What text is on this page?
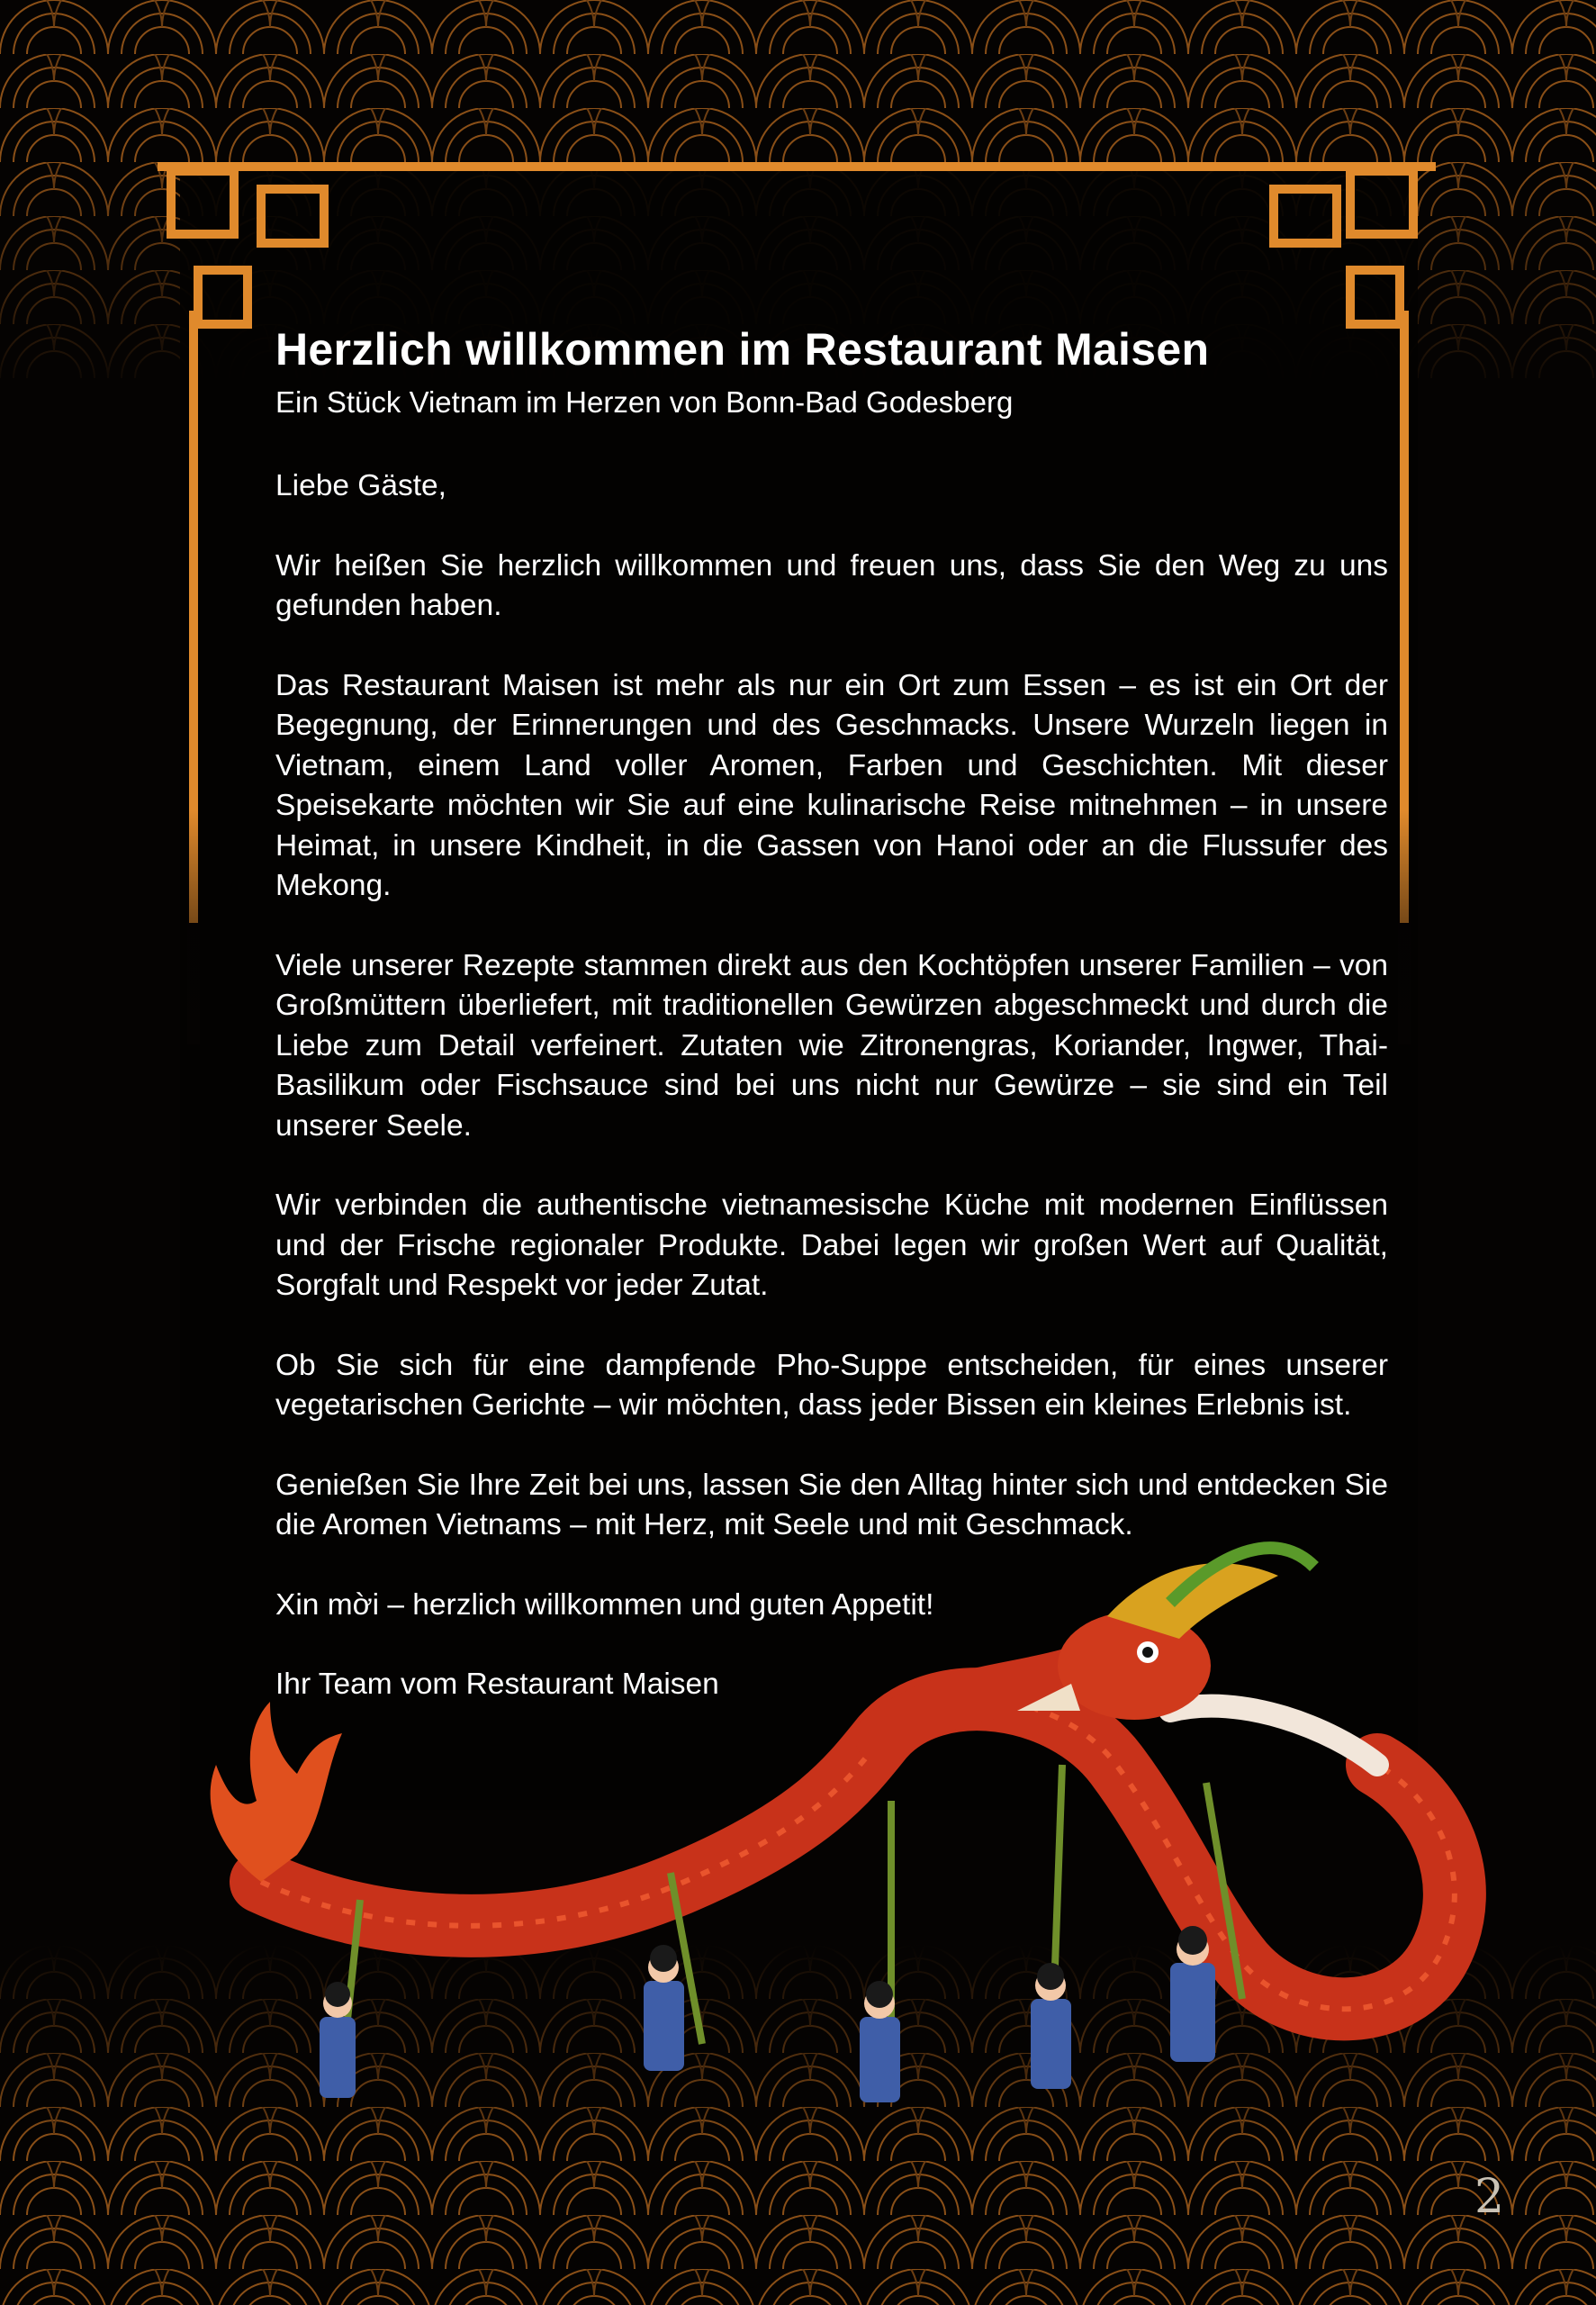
Herzlich willkommen im Restaurant Maisen

Ein Stück Vietnam im Herzen von Bonn-Bad Godesberg

Liebe Gäste,

Wir heißen Sie herzlich willkommen und freuen uns, dass Sie den Weg zu uns gefunden haben.

Das Restaurant Maisen ist mehr als nur ein Ort zum Essen – es ist ein Ort der Begegnung, der Erinnerungen und des Geschmacks. Unsere Wurzeln liegen in Vietnam, einem Land voller Aromen, Farben und Geschichten. Mit dieser Speisekarte möchten wir Sie auf eine kulinarische Reise mitnehmen – in unsere Heimat, in unsere Kindheit, in die Gassen von Hanoi oder an die Flussufer des Mekong.

Viele unserer Rezepte stammen direkt aus den Kochtöpfen unserer Familien – von Großmüttern überliefert, mit traditionellen Gewürzen abgeschmeckt und durch die Liebe zum Detail verfeinert. Zutaten wie Zitronengras, Koriander, Ingwer, Thai-Basilikum oder Fischsauce sind bei uns nicht nur Gewürze – sie sind ein Teil unserer Seele.

Wir verbinden die authentische vietnamesische Küche mit modernen Einflüssen und der Frische regionaler Produkte. Dabei legen wir großen Wert auf Qualität, Sorgfalt und Respekt vor jeder Zutat.

Ob Sie sich für eine dampfende Pho-Suppe entscheiden, für eines unserer vegetarischen Gerichte – wir möchten, dass jeder Bissen ein kleines Erlebnis ist.

Genießen Sie Ihre Zeit bei uns, lassen Sie den Alltag hinter sich und entdecken Sie die Aromen Vietnams – mit Herz, mit Seele und mit Geschmack.

Xin mời – herzlich willkommen und guten Appetit!

Ihr Team vom Restaurant Maisen

2
